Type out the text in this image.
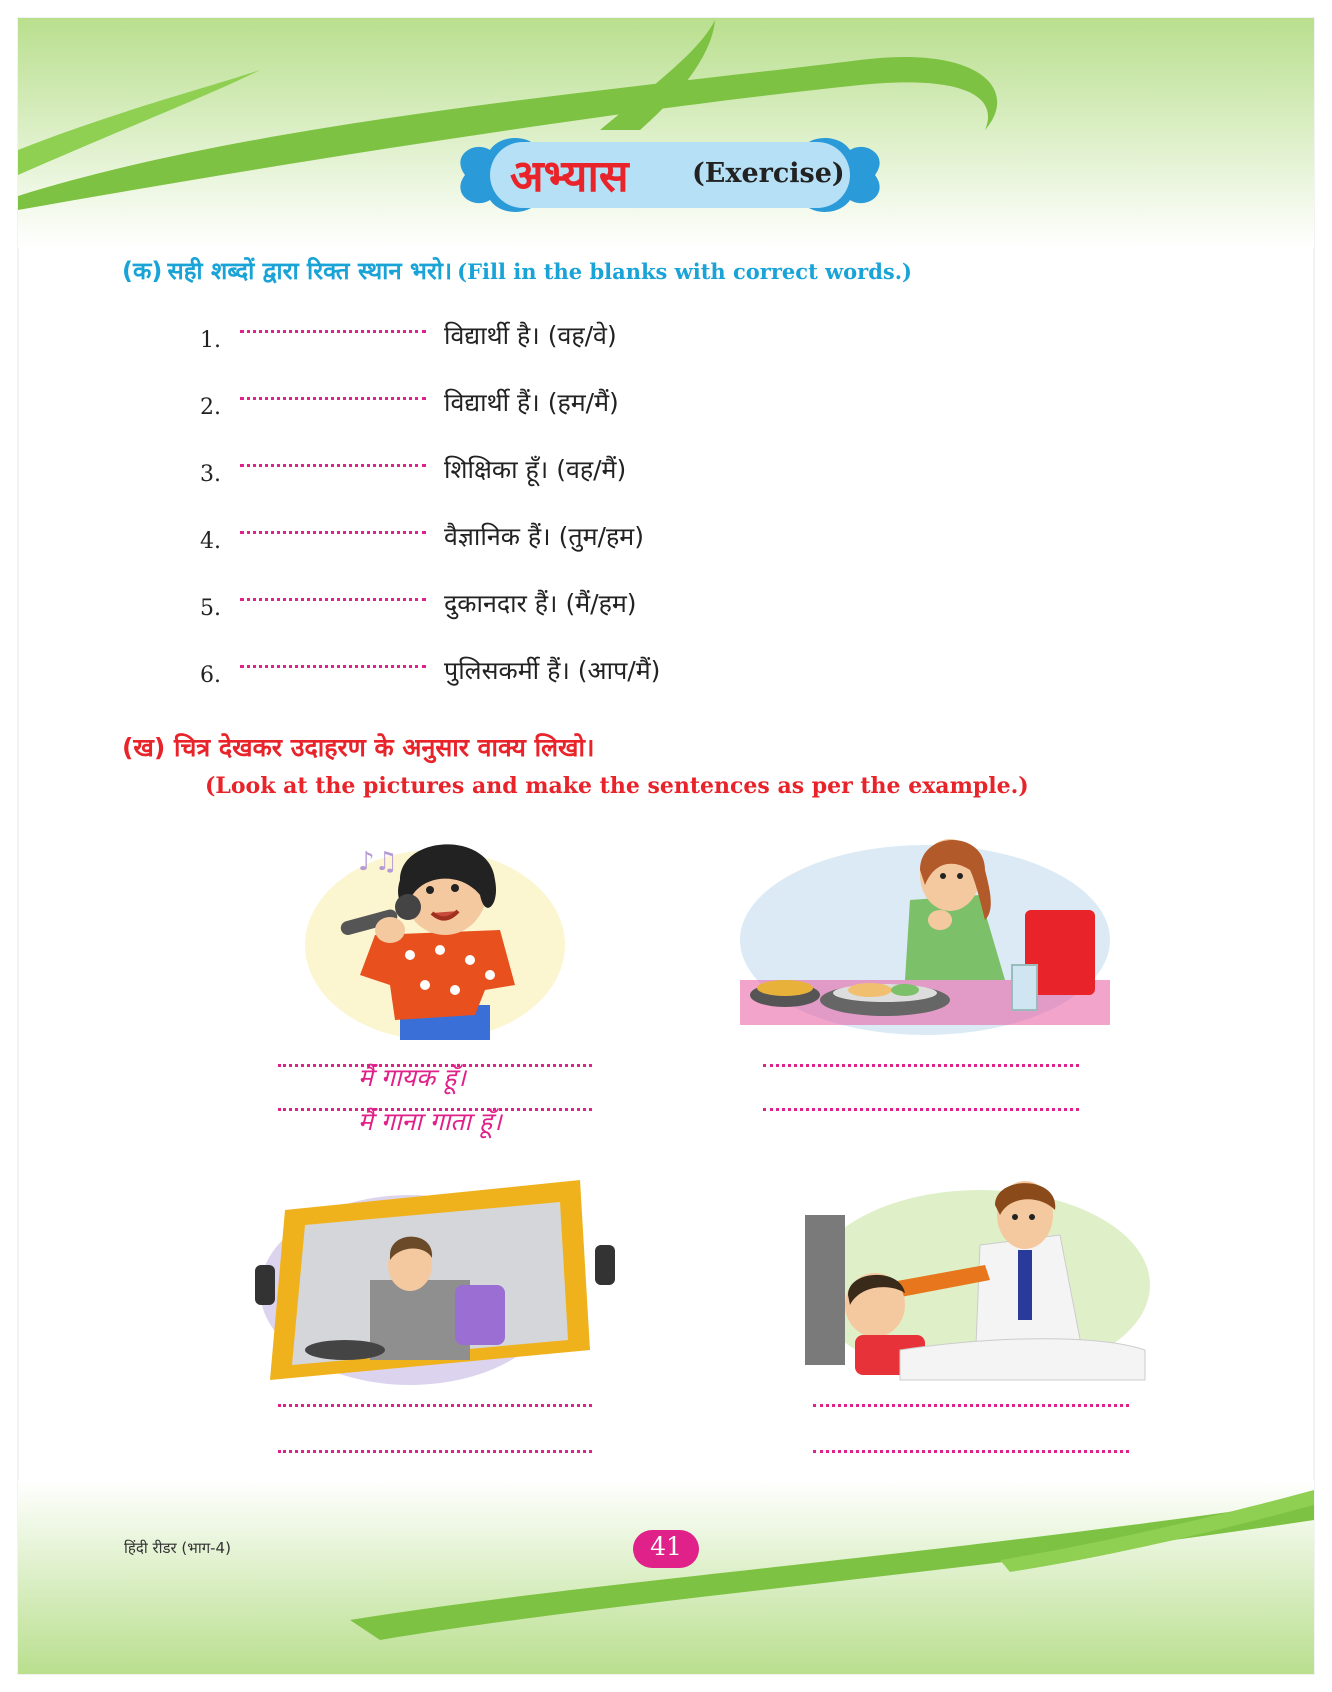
अभ्यास (Exercise)
(क) सही शब्दों द्वारा रिक्त स्थान भरो। (Fill in the blanks with correct words.)
1.	विद्यार्थी है। (वह/वे)
2.	विद्यार्थी हैं। (हम/मैं)
3.	शिक्षिका हूँ। (वह/मैं)
4.	वैज्ञानिक हैं। (तुम/हम)
5.	दुकानदार हैं। (मैं/हम)
6.	पुलिसकर्मी हैं। (आप/मैं)
(ख) चित्र देखकर उदाहरण के अनुसार वाक्य लिखो।
(Look at the pictures and make the sentences as per the example.)
♪♫
मैं गायक हूँ।
मैं गाना गाता हूँ।
हिंदी रीडर (भाग-4)	41
